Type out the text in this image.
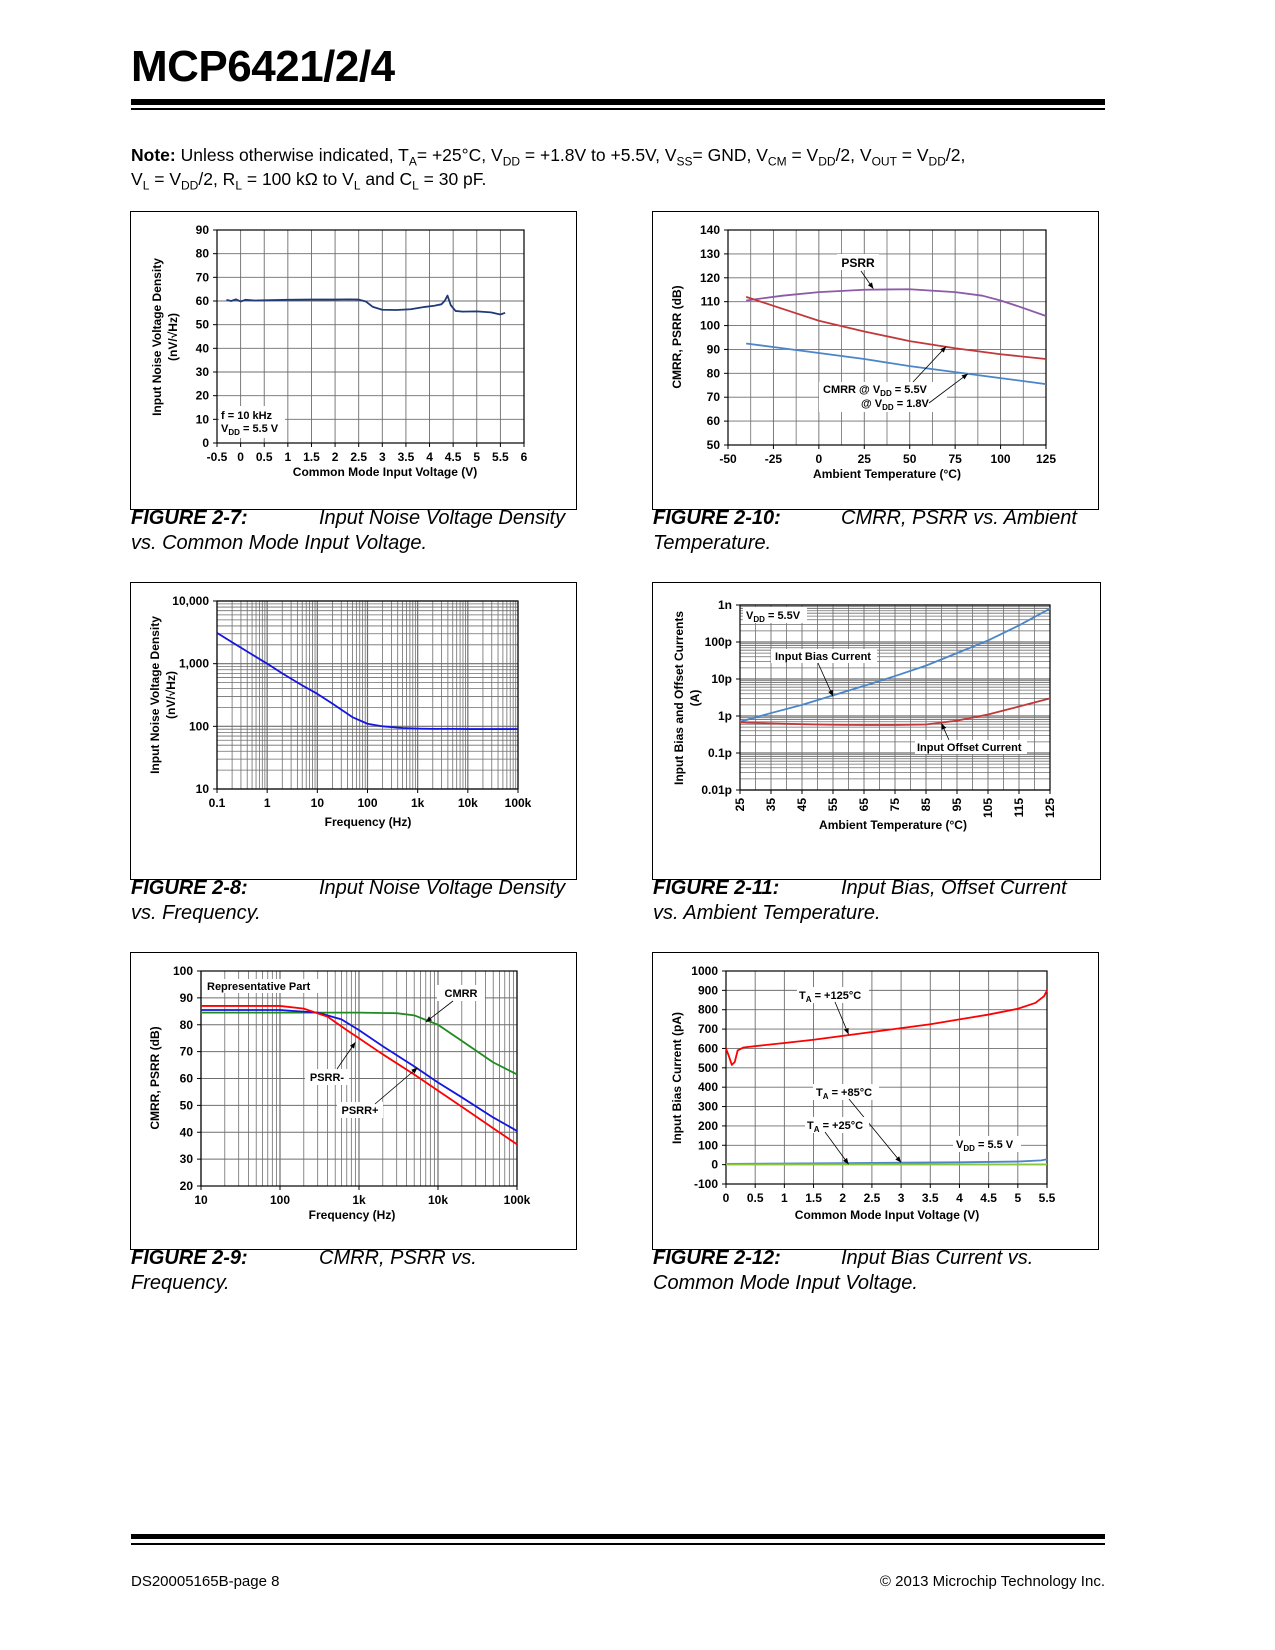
MCP6421/2/4
Note: Unless otherwise indicated, $T_A= +25^\circ C$, $V_{DD} = +1.8V$ to +5.5V, $V_{SS}=$ GND, $V_{CM} = V_{DD}/2$, $V_{OUT} = V_{DD}/2$,
$V_L = V_{DD}/2$, $R_L = 100$ kΩ to $V_L$ and $C_L = 30$ pF.
-0.5 0 0.5 1 1.5 2 2.5 3 3.5 4 4.5 5 5.5 6
0
10
20
30
40
50
60
70
80
90
Input Noise Voltage Density (nV/√Hz)
Common Mode Input Voltage (V)
f = 10 kHz
$V_{DD} = 5.5$ V
-50 -25	0	25	50	75 100 125
50
60
70
80
90
100
110
120
130
140
CMRR, PSRR (dB)
Ambient Temperature (°C)
PSRR
CMRR @ $V_{DD} = 5.5V$
@ $V_{DD} = 1.8V$
0.1	1	10	100	1k	10k 100k
10
100
1,000
10,000
Input Noise Voltage Density (nV/√Hz)
Frequency (Hz)
25 35 45 55 65 75 85 95 105 115 125
0.01p
0.1p
1p
10p
100p
1n
Input Bias and Offset Currents (A)
Ambient Temperature (°C)
$V_{DD} = 5.5V$
Input Bias Current
Input Offset Current
10	100	1k	10k	100k
20
30
40
50
60
70
80
90
100
CMRR, PSRR (dB)
Frequency (Hz)
Representative Part
CMRR
PSRR-
PSRR+
0 0.5 1 1.5 2 2.5 3 3.5 4 4.5 5 5.5
-100
0
100
200
300
400
500
600
700
800
900
1000
Input Bias Current (pA)
Common Mode Input Voltage (V)
$T_A = +125^\circ C$
$T_A = +85^\circ C$
$T_A = +25^\circ C$
$V_{DD} = 5.5$ V
FIGURE 2-7:	Input Noise Voltage Density
vs. Common Mode Input Voltage.
FIGURE 2-10:	CMRR, PSRR vs. Ambient
Temperature.
FIGURE 2-8:	Input Noise Voltage Density
vs. Frequency.
FIGURE 2-11:	Input Bias, Offset Current
vs. Ambient Temperature.
FIGURE 2-9:	CMRR, PSRR vs.
Frequency.
FIGURE 2-12:	Input Bias Current vs.
Common Mode Input Voltage.
DS20005165B-page 8	© 2013 Microchip Technology Inc.
